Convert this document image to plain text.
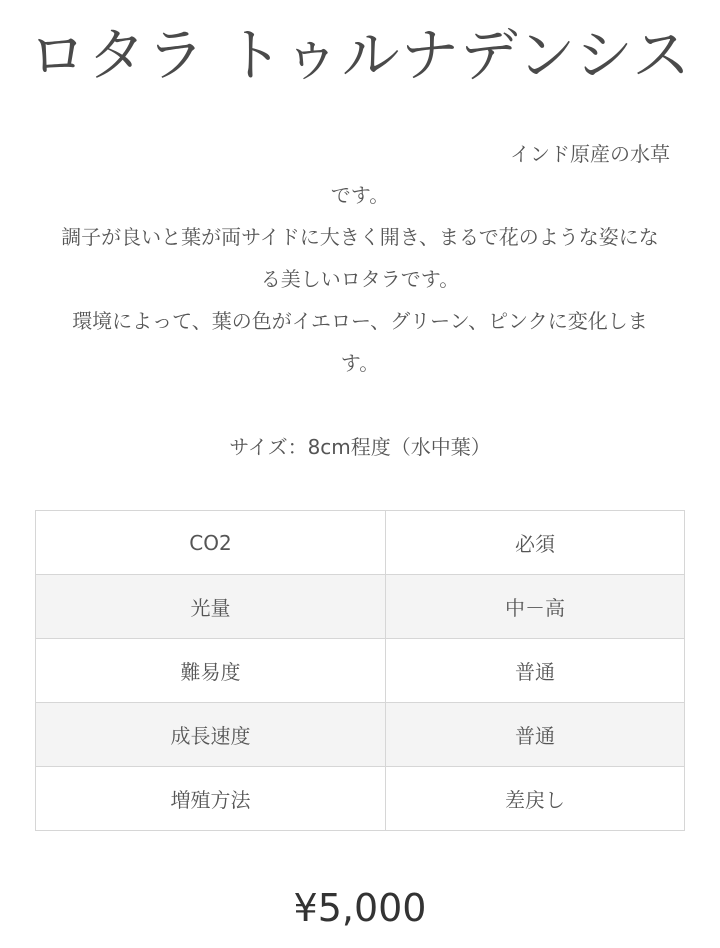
ロタラ トゥルナデンシス
インド原産の水草
です。
調子が良いと葉が両サイドに大きく開き、まるで花のような姿にな
る美しいロタラです。
環境によって、葉の色がイエロー、グリーン、ピンクに変化しま
す。
サイズ：8cm程度（水中葉）
CO2	必須
光量	中－高
難易度	普通
成長速度	普通
増殖方法	差戻し
¥5,000
